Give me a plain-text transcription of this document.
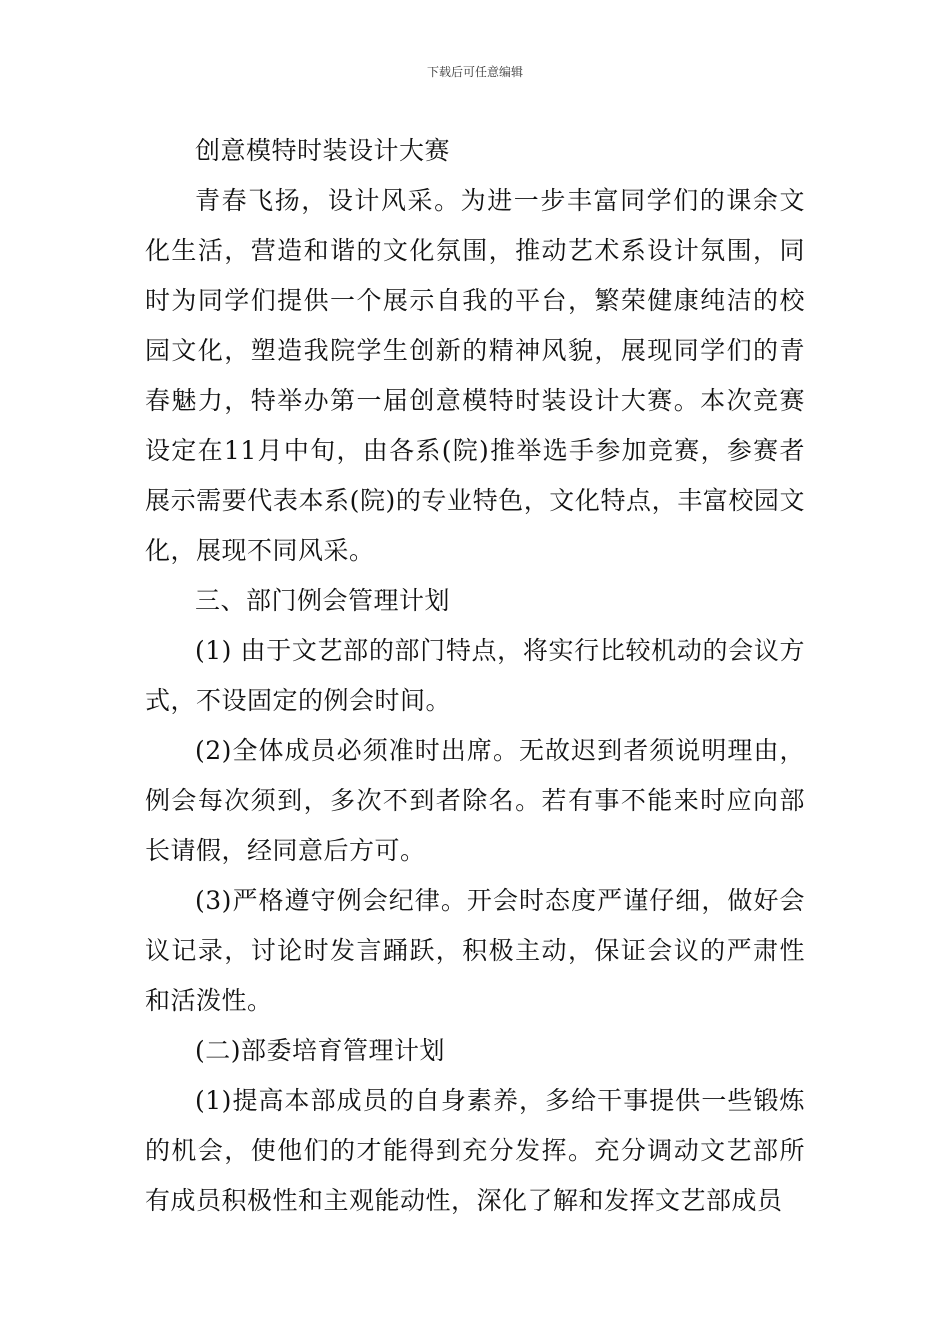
下载后可任意编辑

创意模特时装设计大赛

青春飞扬，设计风采。为进一步丰富同学们的课余文化生活，营造和谐的文化氛围，推动艺术系设计氛围，同时为同学们提供一个展示自我的平台，繁荣健康纯洁的校园文化，塑造我院学生创新的精神风貌，展现同学们的青春魅力，特举办第一届创意模特时装设计大赛。本次竞赛设定在11月中旬，由各系(院)推举选手参加竞赛，参赛者展示需要代表本系(院)的专业特色，文化特点，丰富校园文化，展现不同风采。

三、部门例会管理计划

(1) 由于文艺部的部门特点，将实行比较机动的会议方式，不设固定的例会时间。

(2)全体成员必须准时出席。无故迟到者须说明理由，例会每次须到，多次不到者除名。若有事不能来时应向部长请假，经同意后方可。

(3)严格遵守例会纪律。开会时态度严谨仔细，做好会议记录，讨论时发言踊跃，积极主动，保证会议的严肃性和活泼性。

(二)部委培育管理计划

(1)提高本部成员的自身素养，多给干事提供一些锻炼的机会，使他们的才能得到充分发挥。充分调动文艺部所有成员积极性和主观能动性，深化了解和发挥文艺部成员
